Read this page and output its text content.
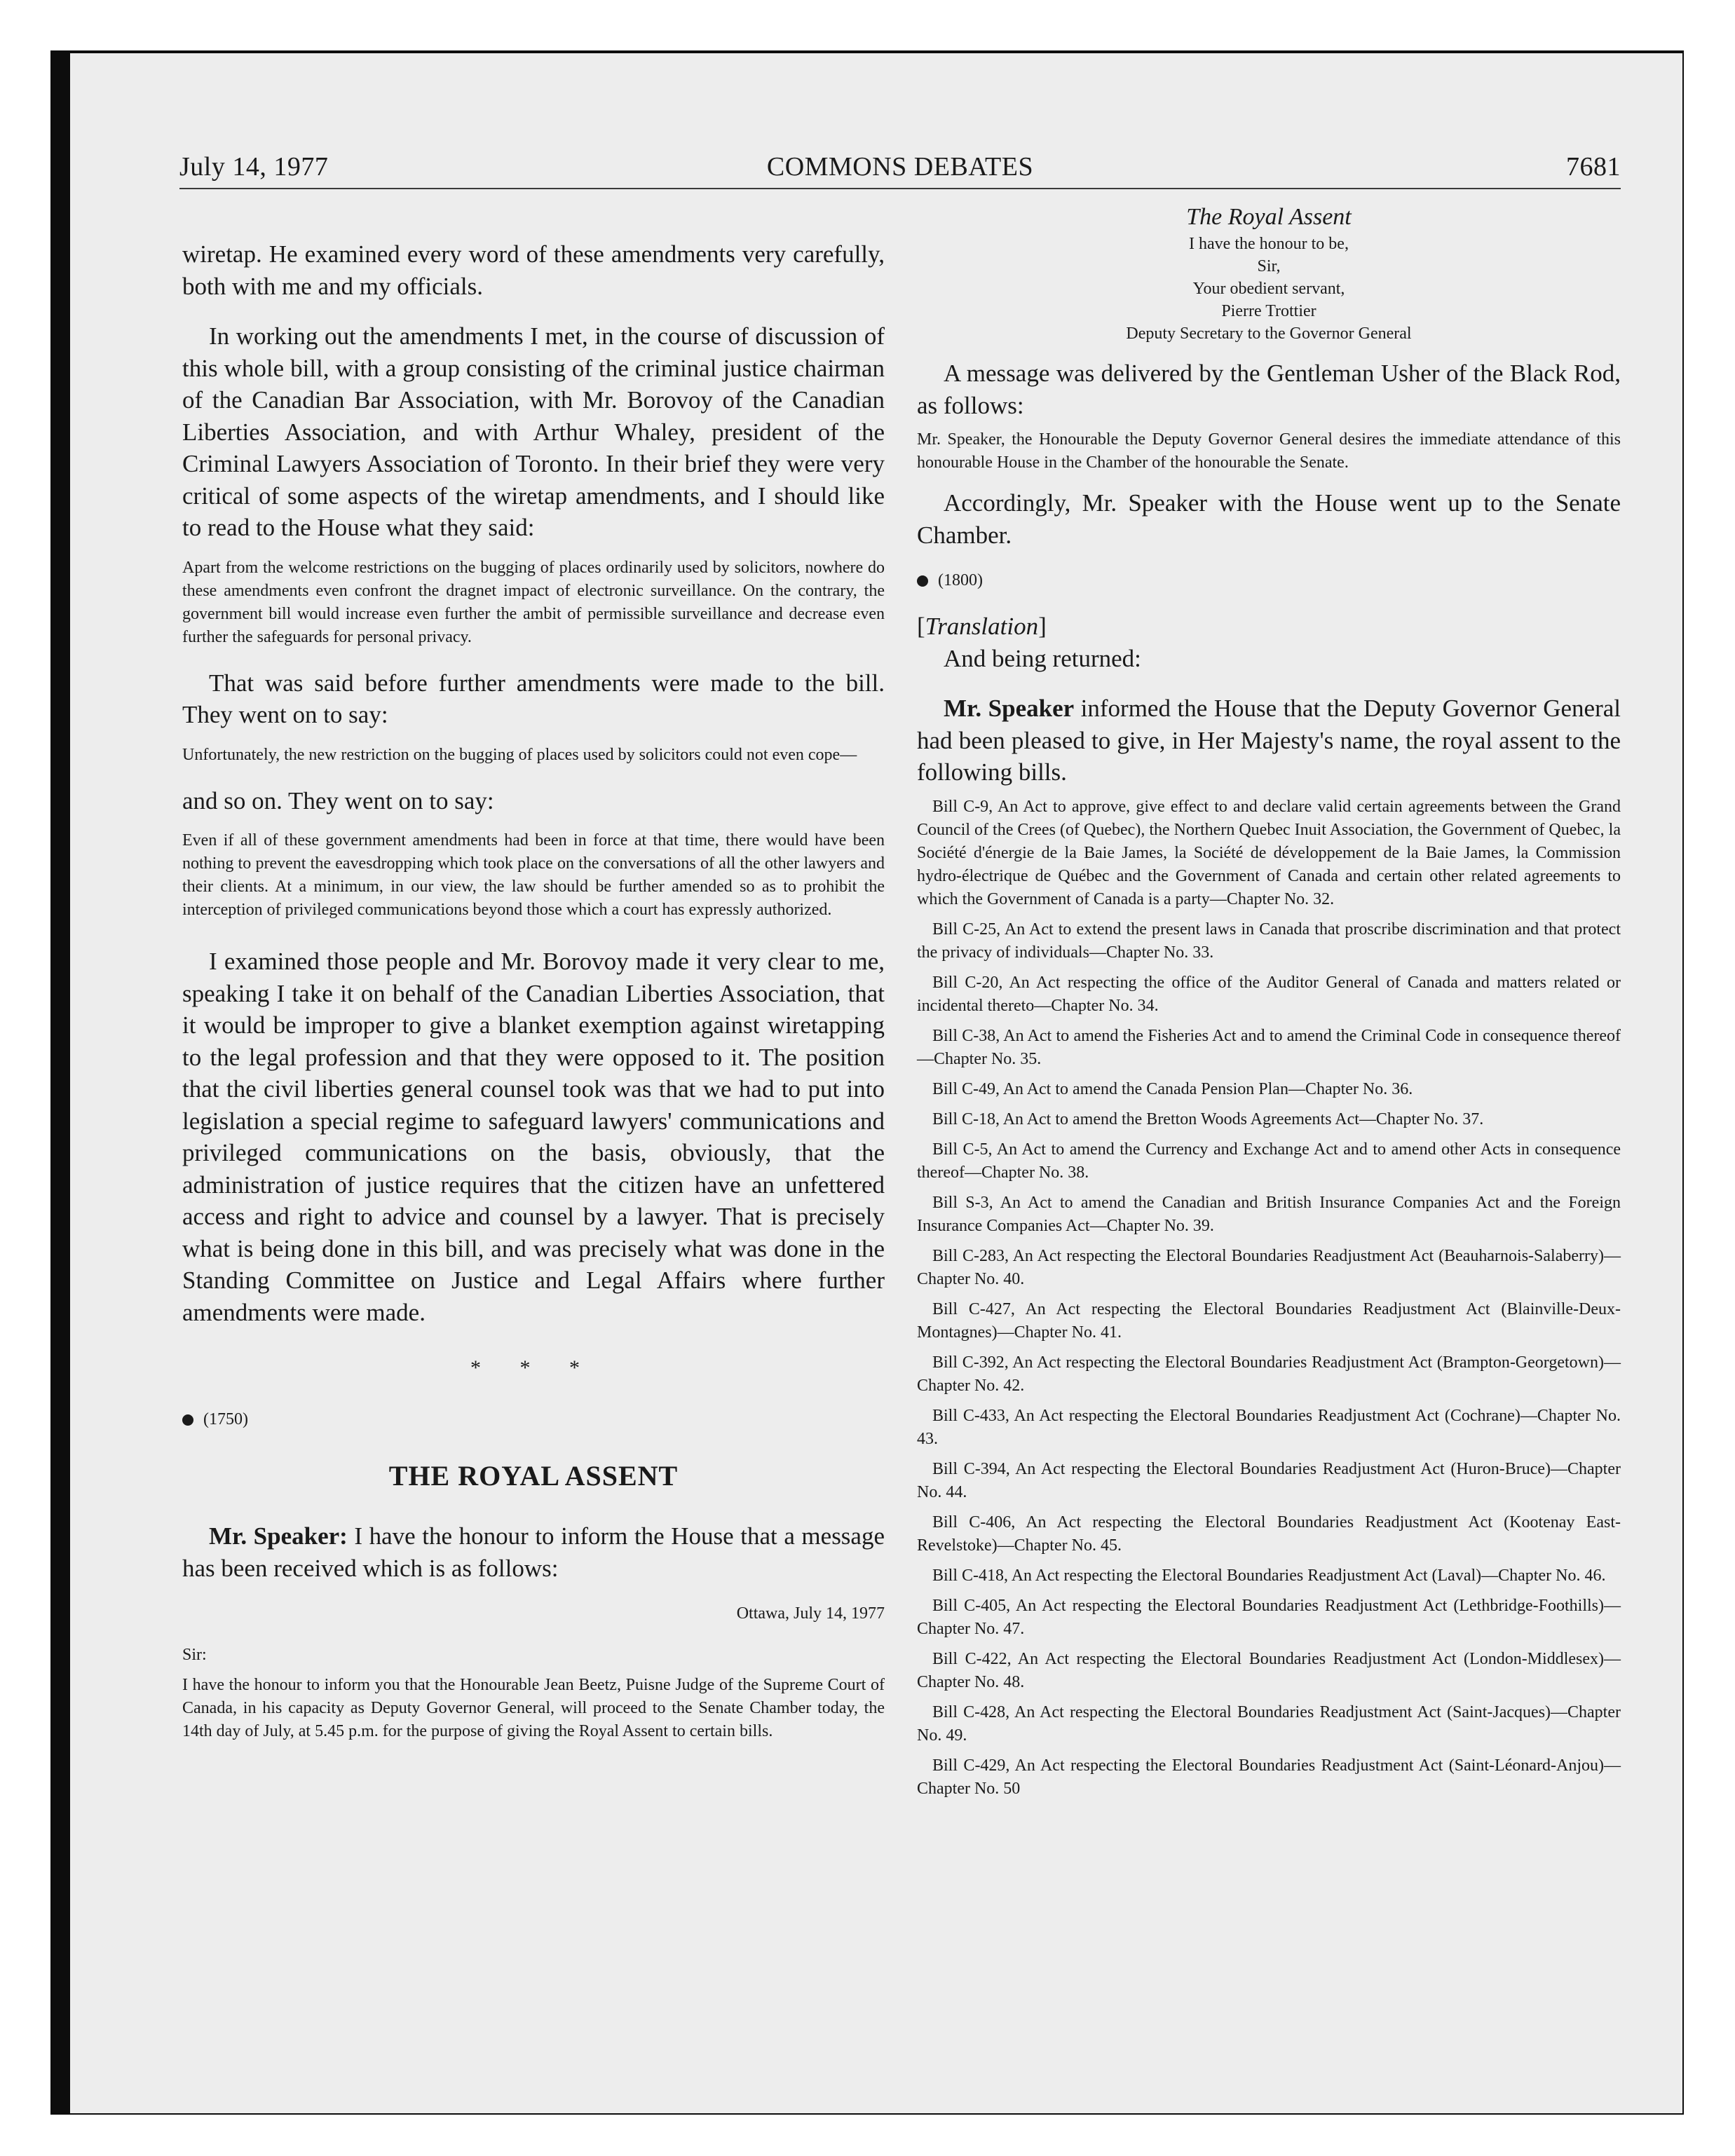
July 14, 1977	COMMONS DEBATES	7681

wiretap. He examined every word of these amendments very carefully, both with me and my officials.

In working out the amendments I met, in the course of discussion of this whole bill, with a group consisting of the criminal justice chairman of the Canadian Bar Association, with Mr. Borovoy of the Canadian Liberties Association, and with Arthur Whaley, president of the Criminal Lawyers Association of Toronto. In their brief they were very critical of some aspects of the wiretap amendments, and I should like to read to the House what they said:

Apart from the welcome restrictions on the bugging of places ordinarily used by solicitors, nowhere do these amendments even confront the dragnet impact of electronic surveillance. On the contrary, the government bill would increase even further the ambit of permissible surveillance and decrease even further the safeguards for personal privacy.

That was said before further amendments were made to the bill. They went on to say:

Unfortunately, the new restriction on the bugging of places used by solicitors could not even cope—

and so on. They went on to say:

Even if all of these government amendments had been in force at that time, there would have been nothing to prevent the eavesdropping which took place on the conversations of all the other lawyers and their clients. At a minimum, in our view, the law should be further amended so as to prohibit the interception of privileged communications beyond those which a court has expressly authorized.

I examined those people and Mr. Borovoy made it very clear to me, speaking I take it on behalf of the Canadian Liberties Association, that it would be improper to give a blanket exemption against wiretapping to the legal profession and that they were opposed to it. The position that the civil liberties general counsel took was that we had to put into legislation a special regime to safeguard lawyers' communications and privileged communications on the basis, obviously, that the administration of justice requires that the citizen have an unfettered access and right to advice and counsel by a lawyer. That is precisely what is being done in this bill, and was precisely what was done in the Standing Committee on Justice and Legal Affairs where further amendments were made.

* * *
(1750)
THE ROYAL ASSENT

Mr. Speaker: I have the honour to inform the House that a message has been received which is as follows:

Ottawa, July 14, 1977

Sir:

I have the honour to inform you that the Honourable Jean Beetz, Puisne Judge of the Supreme Court of Canada, in his capacity as Deputy Governor General, will proceed to the Senate Chamber today, the 14th day of July, at 5.45 p.m. for the purpose of giving the Royal Assent to certain bills.

The Royal Assent
I have the honour to be,
Sir,
Your obedient servant,
Pierre Trottier
Deputy Secretary to the Governor General

A message was delivered by the Gentleman Usher of the Black Rod, as follows:

Mr. Speaker, the Honourable the Deputy Governor General desires the immediate attendance of this honourable House in the Chamber of the honourable the Senate.

Accordingly, Mr. Speaker with the House went up to the Senate Chamber.

(1800)

[Translation]

And being returned:

Mr. Speaker informed the House that the Deputy Governor General had been pleased to give, in Her Majesty's name, the royal assent to the following bills.

Bill C-9, An Act to approve, give effect to and declare valid certain agreements between the Grand Council of the Crees (of Quebec), the Northern Quebec Inuit Association, the Government of Quebec, la Société d'énergie de la Baie James, la Société de développement de la Baie James, la Commission hydro-électrique de Québec and the Government of Canada and certain other related agreements to which the Government of Canada is a party—Chapter No. 32.

Bill C-25, An Act to extend the present laws in Canada that proscribe discrimination and that protect the privacy of individuals—Chapter No. 33.

Bill C-20, An Act respecting the office of the Auditor General of Canada and matters related or incidental thereto—Chapter No. 34.

Bill C-38, An Act to amend the Fisheries Act and to amend the Criminal Code in consequence thereof—Chapter No. 35.

Bill C-49, An Act to amend the Canada Pension Plan—Chapter No. 36.

Bill C-18, An Act to amend the Bretton Woods Agreements Act—Chapter No. 37.

Bill C-5, An Act to amend the Currency and Exchange Act and to amend other Acts in consequence thereof—Chapter No. 38.

Bill S-3, An Act to amend the Canadian and British Insurance Companies Act and the Foreign Insurance Companies Act—Chapter No. 39.

Bill C-283, An Act respecting the Electoral Boundaries Readjustment Act (Beauharnois-Salaberry)—Chapter No. 40.

Bill C-427, An Act respecting the Electoral Boundaries Readjustment Act (Blainville-Deux-Montagnes)—Chapter No. 41.

Bill C-392, An Act respecting the Electoral Boundaries Readjustment Act (Brampton-Georgetown)—Chapter No. 42.

Bill C-433, An Act respecting the Electoral Boundaries Readjustment Act (Cochrane)—Chapter No. 43.

Bill C-394, An Act respecting the Electoral Boundaries Readjustment Act (Huron-Bruce)—Chapter No. 44.

Bill C-406, An Act respecting the Electoral Boundaries Readjustment Act (Kootenay East-Revelstoke)—Chapter No. 45.

Bill C-418, An Act respecting the Electoral Boundaries Readjustment Act (Laval)—Chapter No. 46.

Bill C-405, An Act respecting the Electoral Boundaries Readjustment Act (Lethbridge-Foothills)—Chapter No. 47.

Bill C-422, An Act respecting the Electoral Boundaries Readjustment Act (London-Middlesex)—Chapter No. 48.

Bill C-428, An Act respecting the Electoral Boundaries Readjustment Act (Saint-Jacques)—Chapter No. 49.

Bill C-429, An Act respecting the Electoral Boundaries Readjustment Act (Saint-Léonard-Anjou)—Chapter No. 50
